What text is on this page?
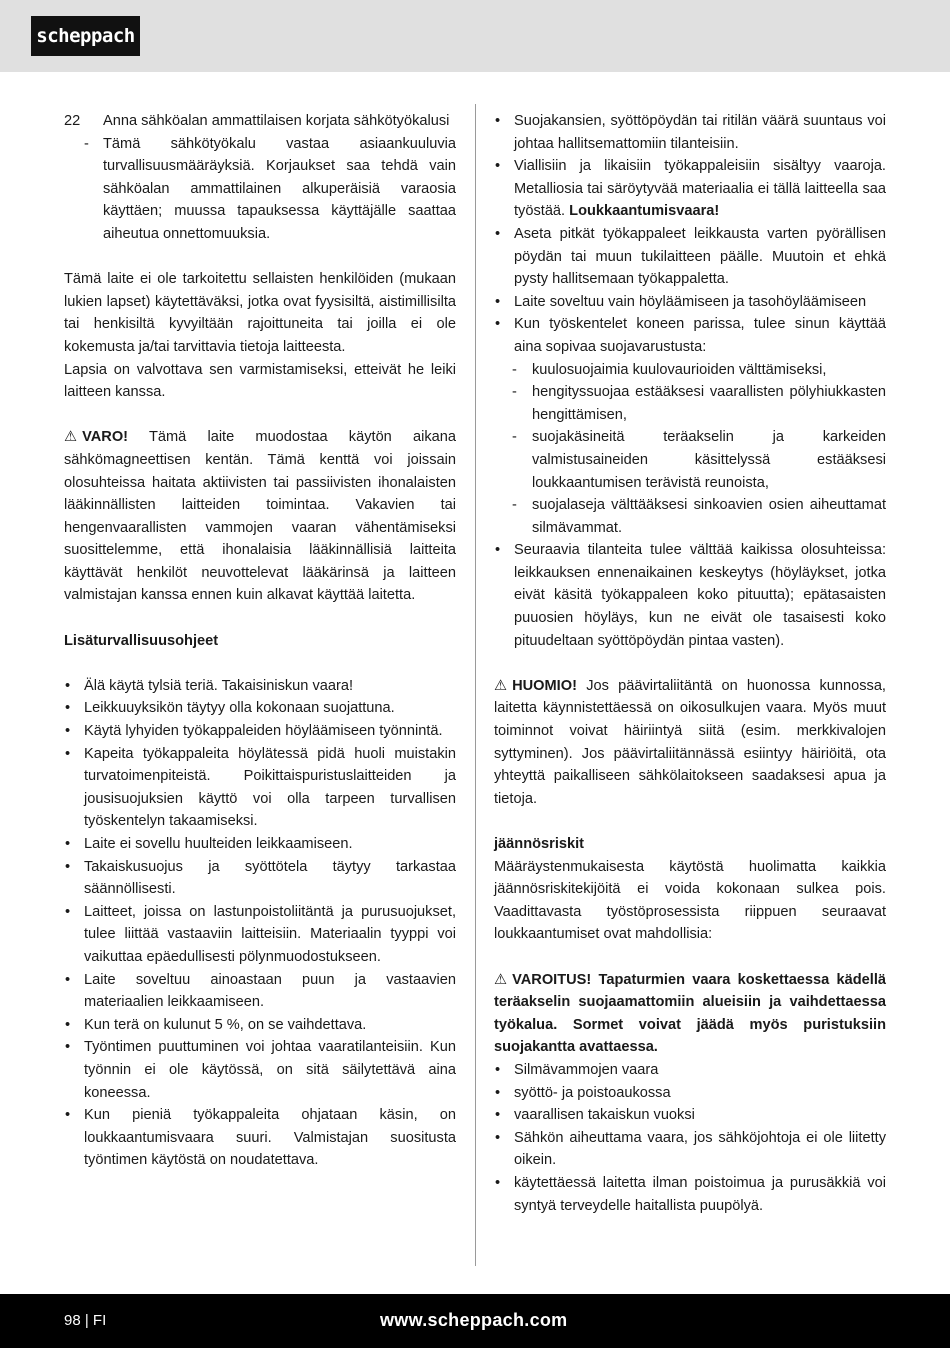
scheppach
22 Anna sähköalan ammattilaisen korjata sähkötyökalusi
- Tämä sähkötyökalu vastaa asiaankuuluvia turvallisuusmääräyksiä. Korjaukset saa tehdä vain sähköalan ammattilainen alkuperäisiä varaosia käyttäen; muussa tapauksessa käyttäjälle saattaa aiheutua onnettomuuksia.

Tämä laite ei ole tarkoitettu sellaisten henkilöiden (mukaan lukien lapset) käytettäväksi, jotka ovat fyysisiltä, aistimillisilta tai henkisiltä kyvyiltään rajoittuneita tai joilla ei ole kokemusta ja/tai tarvittavia tietoja laitteesta.

Lapsia on valvottava sen varmistamiseksi, etteivät he leiki laitteen kanssa.

⚠ VARO! Tämä laite muodostaa käytön aikana sähkömagneettisen kentän. Tämä kenttä voi joissain olosuhteissa haitata aktiivisten tai passiivisten ihonalaisten lääkinnällisten laitteiden toimintaa. Vakavien tai hengenvaarallisten vammojen vaaran vähentämiseksi suosittelemme, että ihonalaisia lääkinnällisiä laitteita käyttävät henkilöt neuvottelevat lääkärinsä ja laitteen valmistajan kanssa ennen kuin alkavat käyttää laitetta.

Lisäturvallisuusohjeet

• Älä käytä tylsiä teriä. Takaisiniskun vaara!
• Leikkuuyksikön täytyy olla kokonaan suojattuna.
• Käytä lyhyiden työkappaleiden höyläämiseen työnnintä.
• Kapeita työkappaleita höylätessä pidä huoli muistakin turvatoimenpiteistä. Poikittaispuristuslaitteiden ja jousisuojuksien käyttö voi olla tarpeen turvallisen työskentelyn takaamiseksi.
• Laite ei sovellu huulteiden leikkaamiseen.
• Takaiskusuojus ja syöttötela täytyy tarkastaa säännöllisesti.
• Laitteet, joissa on lastunpoistoliitäntä ja purusuojukset, tulee liittää vastaaviin laitteisiin. Materiaalin tyyppi voi vaikuttaa epäedullisesti pölynmuodostukseen.
• Laite soveltuu ainoastaan puun ja vastaavien materiaalien leikkaamiseen.
• Kun terä on kulunut 5 %, on se vaihdettava.
• Työntimen puuttuminen voi johtaa vaaratilanteisiin. Kun työnnin ei ole käytössä, on sitä säilytettävä aina koneessa.
• Kun pieniä työkappaleita ohjataan käsin, on loukkaantumisvaara suuri. Valmistajan suositusta työntimen käytöstä on noudatettava.
• Suojakansien, syöttöpöydän tai ritilän väärä suuntaus voi johtaa hallitsemattomiin tilanteisiin.
• Viallisiin ja likaisiin työkappaleisiin sisältyy vaaroja. Metalliosia tai säröytyvää materiaalia ei tällä laitteella saa työstää. Loukkaantumisvaara!
• Aseta pitkät työkappaleet leikkausta varten pyörällisen pöydän tai muun tukilaitteen päälle. Muutoin et ehkä pysty hallitsemaan työkappaletta.
• Laite soveltuu vain höyläämiseen ja tasohöyläämiseen
• Kun työskentelet koneen parissa, tulee sinun käyttää aina sopivaa suojavarustusta:
- kuulosuojaimia kuulovaurioiden välttämiseksi,
- hengityssuojaa estääksesi vaarallisten pölyhiukkasten hengittämisen,
- suojakäsineitä teräakselin ja karkeiden valmistusaineiden käsittelyssä estääksesi loukkaantumisen terävistä reunoista,
- suojalaseja välttääksesi sinkoavien osien aiheuttamat silmävammat.
• Seuraavia tilanteita tulee välttää kaikissa olosuhteissa: leikkauksen ennenaikainen keskeytys (höyläykset, jotka eivät käsitä työkappaleen koko pituutta); epätasaisten puuosien höyläys, kun ne eivät ole tasaisesti koko pituudeltaan syöttöpöydän pintaa vasten).

⚠ HUOMIO! Jos päävirtaliitäntä on huonossa kunnossa, laitetta käynnistettäessä on oikosulkujen vaara. Myös muut toiminnot voivat häiriintyä siitä (esim. merkkivalojen syttyminen). Jos päävirtaliitännässä esiintyy häiriöitä, ota yhteyttä paikalliseen sähkölaitokseen saadaksesi apua ja tietoja.

jäännösriskit

Määräystenmukaisesta käytöstä huolimatta kaikkia jäännösriskitekijöitä ei voida kokonaan sulkea pois. Vaadittavasta työstöprosessista riippuen seuraavat loukkaantumiset ovat mahdollisia:

⚠ VAROITUS! Tapaturmien vaara koskettaessa kädellä teräakselin suojaamattomiin alueisiin ja vaihdettaessa työkalua. Sormet voivat jäädä myös puristuksiin suojakantta avattaessa.

• Silmävammojen vaara
• syöttö- ja poistoaukossa
• vaarallisen takaiskun vuoksi
• Sähkön aiheuttama vaara, jos sähköjohtoja ei ole liitetty oikein.
• käytettäessä laitetta ilman poistoimua ja purusäkkiä voi syntyä terveydelle haitallista puupölyä.
98 | FI	www.scheppach.com
